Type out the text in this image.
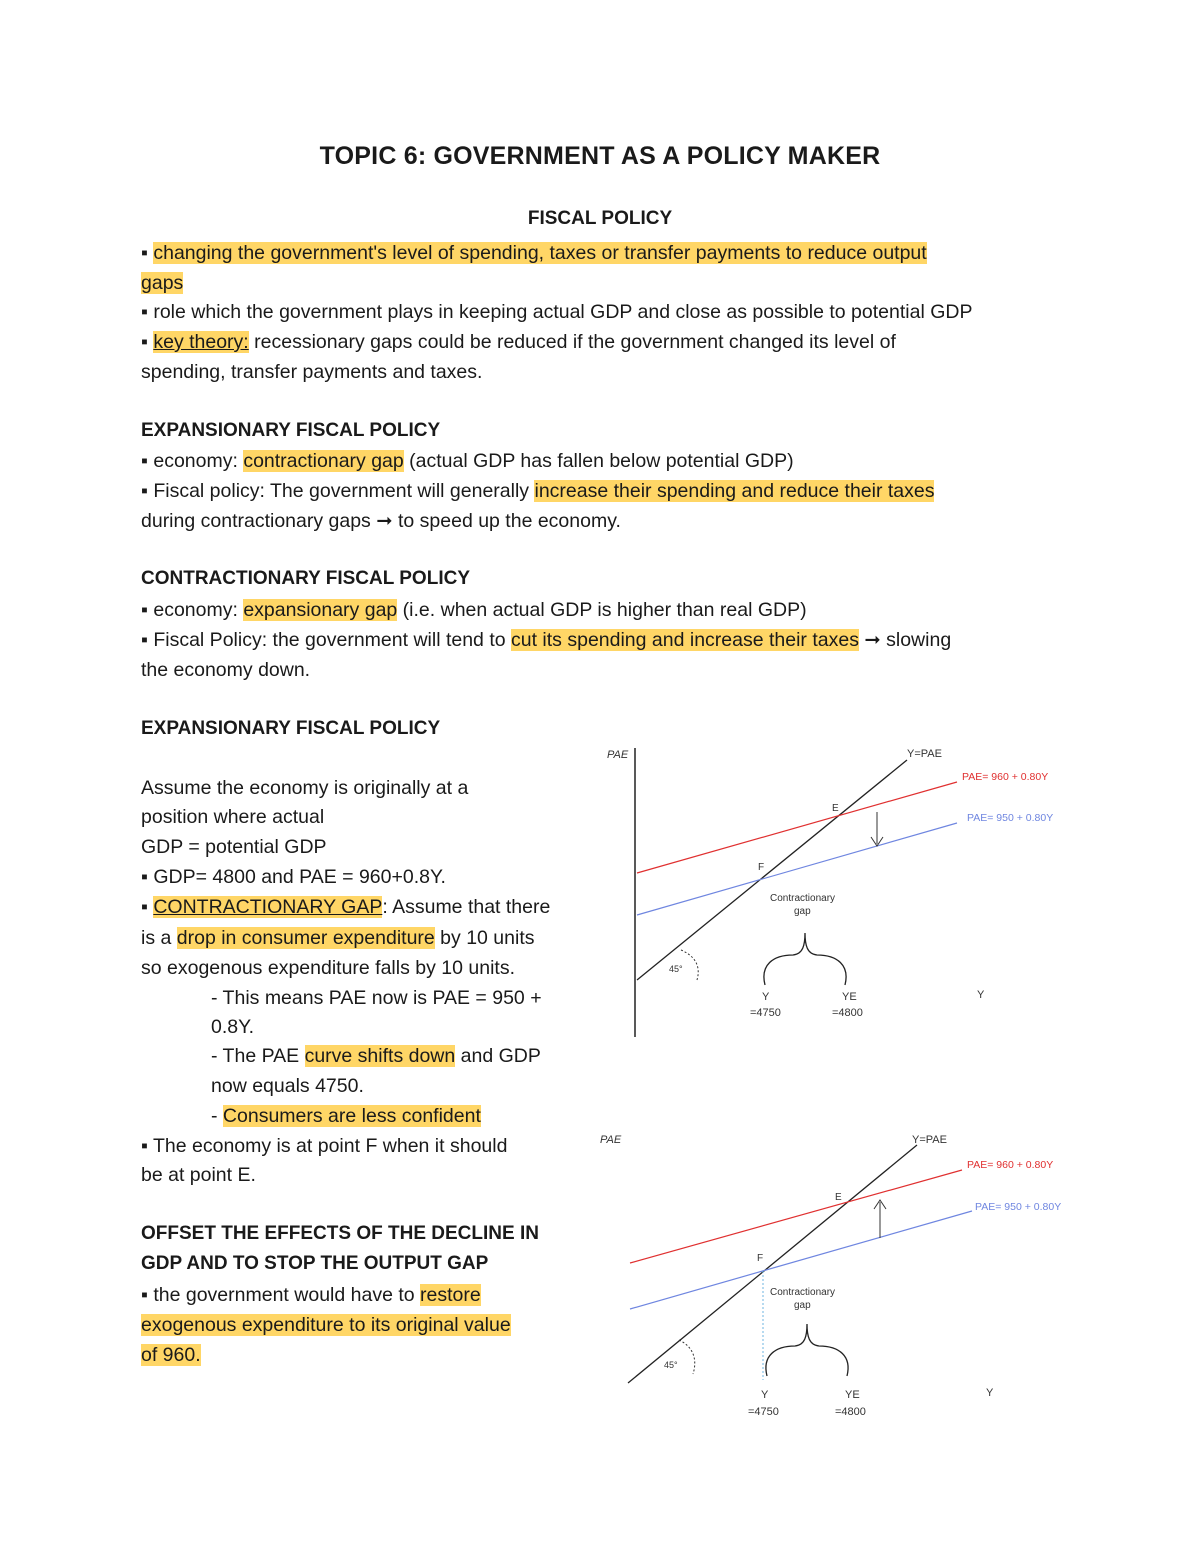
TOPIC 6: GOVERNMENT AS A POLICY MAKER
FISCAL POLICY
▪ changing the government's level of spending, taxes or transfer payments to reduce output
gaps
▪ role which the government plays in keeping actual GDP and close as possible to potential GDP
▪ key theory: recessionary gaps could be reduced if the government changed its level of
spending, transfer payments and taxes.
EXPANSIONARY FISCAL POLICY
▪ economy: contractionary gap (actual GDP has fallen below potential GDP)
▪ Fiscal policy: The government will generally increase their spending and reduce their taxes
during contractionary gaps ➞ to speed up the economy.
CONTRACTIONARY FISCAL POLICY
▪ economy: expansionary gap (i.e. when actual GDP is higher than real GDP)
▪ Fiscal Policy: the government will tend to cut its spending and increase their taxes ➞ slowing
the economy down.
EXPANSIONARY FISCAL POLICY
Assume the economy is originally at a
position where actual
GDP = potential GDP
▪ GDP= 4800 and PAE = 960+0.8Y.
▪ CONTRACTIONARY GAP: Assume that there
is a drop in consumer expenditure by 10 units
so exogenous expenditure falls by 10 units.
- This means PAE now is PAE = 950 +
0.8Y.
- The PAE curve shifts down and GDP
now equals 4750.
- Consumers are less confident
▪ The economy is at point F when it should
be at point E.
OFFSET THE EFFECTS OF THE DECLINE IN
GDP AND TO STOP THE OUTPUT GAP
▪ the government would have to restore
exogenous expenditure to its original value
of 960.
PAE	Y=PAE
PAE= 960 + 0.80Y
PAE= 950 + 0.80Y
E
F
Contractionary
gap
45°
Y
=4750
YE
=4800
Y
PAE	Y=PAE
PAE= 960 + 0.80Y
PAE= 950 + 0.80Y
E
F
Contractionary
gap
45°
Y
=4750
YE
=4800
Y
